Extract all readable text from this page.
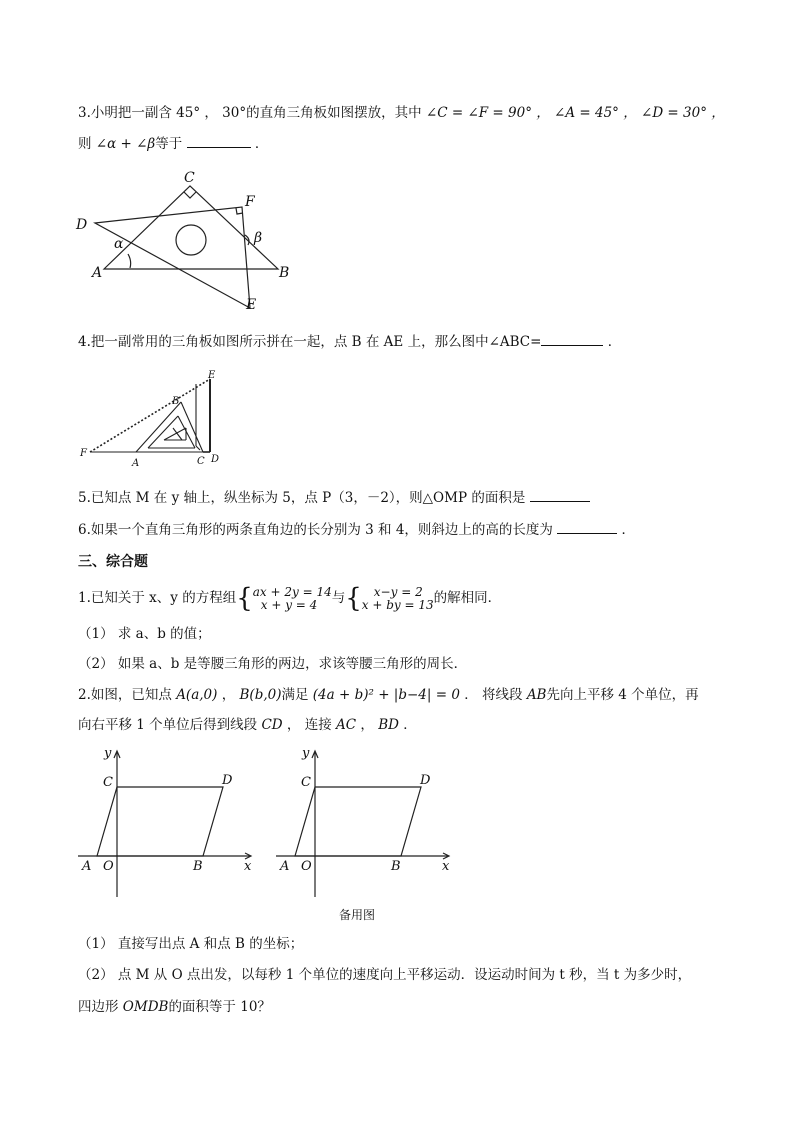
3.小明把一副含 45° ， 30°的直角三角板如图摆放，其中 ∠C = ∠F = 90° ， ∠A = 45° ， ∠D = 30° ，
则 ∠α + ∠β等于	．
C
F
D
α	β
A	B
E
4.把一副常用的三角板如图所示拼在一起，点 B 在 AE 上，那么图中∠ABC=	．
E
B
F
A	C D
5.已知点 M 在 y 轴上，纵坐标为 5，点 P（3，－2），则△OMP 的面积是
6.如果一个直角三角形的两条直角边的长分别为 3 和 4，则斜边上的高的长度为	．
三、综合题
1.已知关于 x、y 的方程组{ ax + 2y = 14
x + y = 4	与{	x−y = 2
x + by = 13 的解相同．
（1） 求 a、b 的值；
（2） 如果 a、b 是等腰三角形的两边，求该等腰三角形的周长．
2.如图，已知点 A(a,0) ， B(b,0)满足 (4a + b)² + |b−4| = 0 ． 将线段 AB先向上平移 4 个单位，再
向右平移 1 个单位后得到线段 CD ， 连接 AC ， BD ．
y
C	D
A O	B	x
y
C	D
A O	B	x
备用图
（1） 直接写出点 A 和点 B 的坐标；
（2） 点 M 从 O 点出发，以每秒 1 个单位的速度向上平移运动．设运动时间为 t 秒，当 t 为多少时，
四边形 OMDB的面积等于 10？
